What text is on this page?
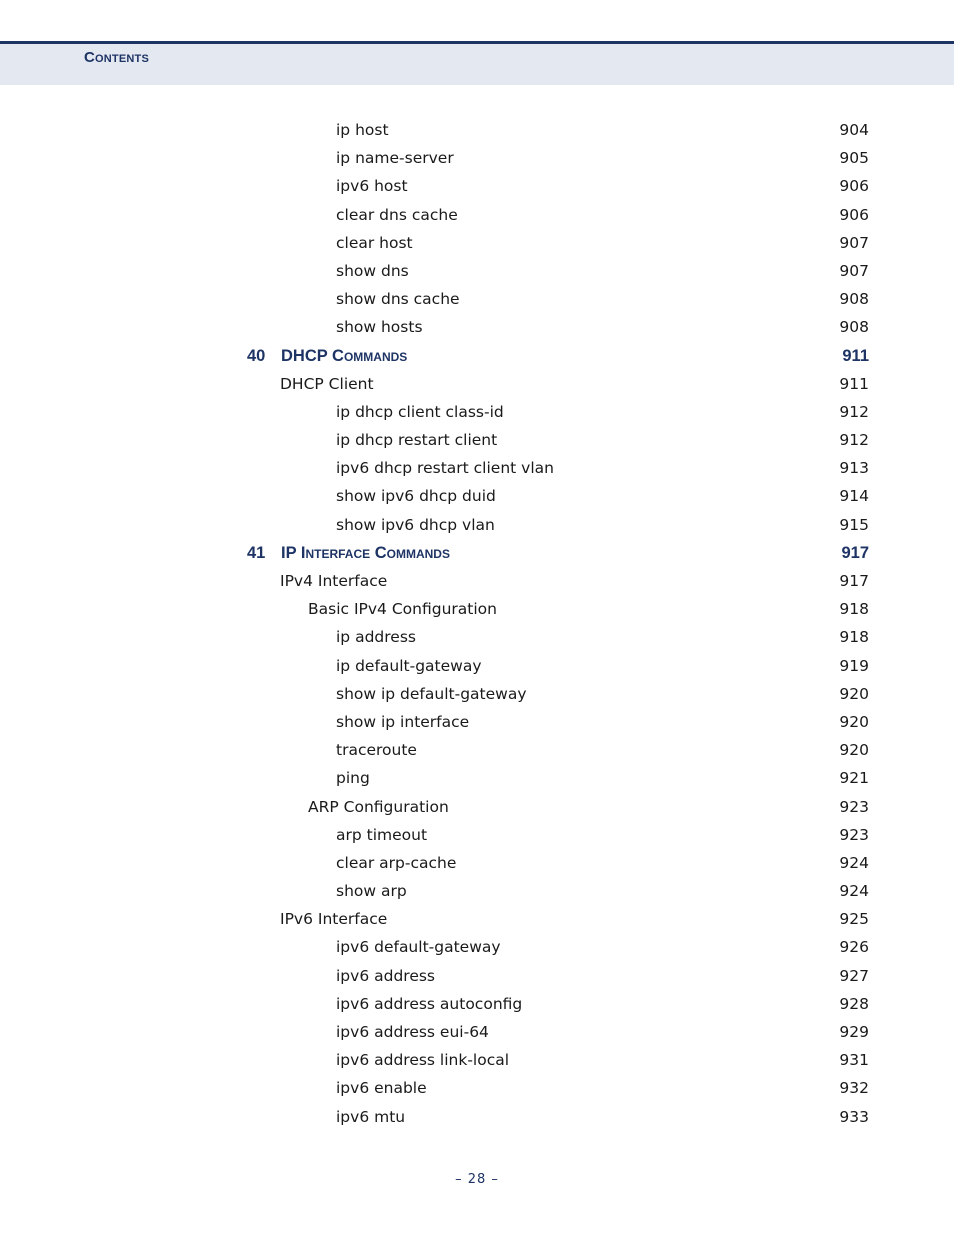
Contents
ip host	904
ip name-server	905
ipv6 host	906
clear dns cache	906
clear host	907
show dns	907
show dns cache	908
show hosts	908
40 DHCP Commands	911
DHCP Client	911
ip dhcp client class-id	912
ip dhcp restart client	912
ipv6 dhcp restart client vlan	913
show ipv6 dhcp duid	914
show ipv6 dhcp vlan	915
41 IP Interface Commands	917
IPv4 Interface	917
Basic IPv4 Configuration	918
ip address	918
ip default-gateway	919
show ip default-gateway	920
show ip interface	920
traceroute	920
ping	921
ARP Configuration	923
arp timeout	923
clear arp-cache	924
show arp	924
IPv6 Interface	925
ipv6 default-gateway	926
ipv6 address	927
ipv6 address autoconfig	928
ipv6 address eui-64	929
ipv6 address link-local	931
ipv6 enable	932
ipv6 mtu	933
– 28 –
